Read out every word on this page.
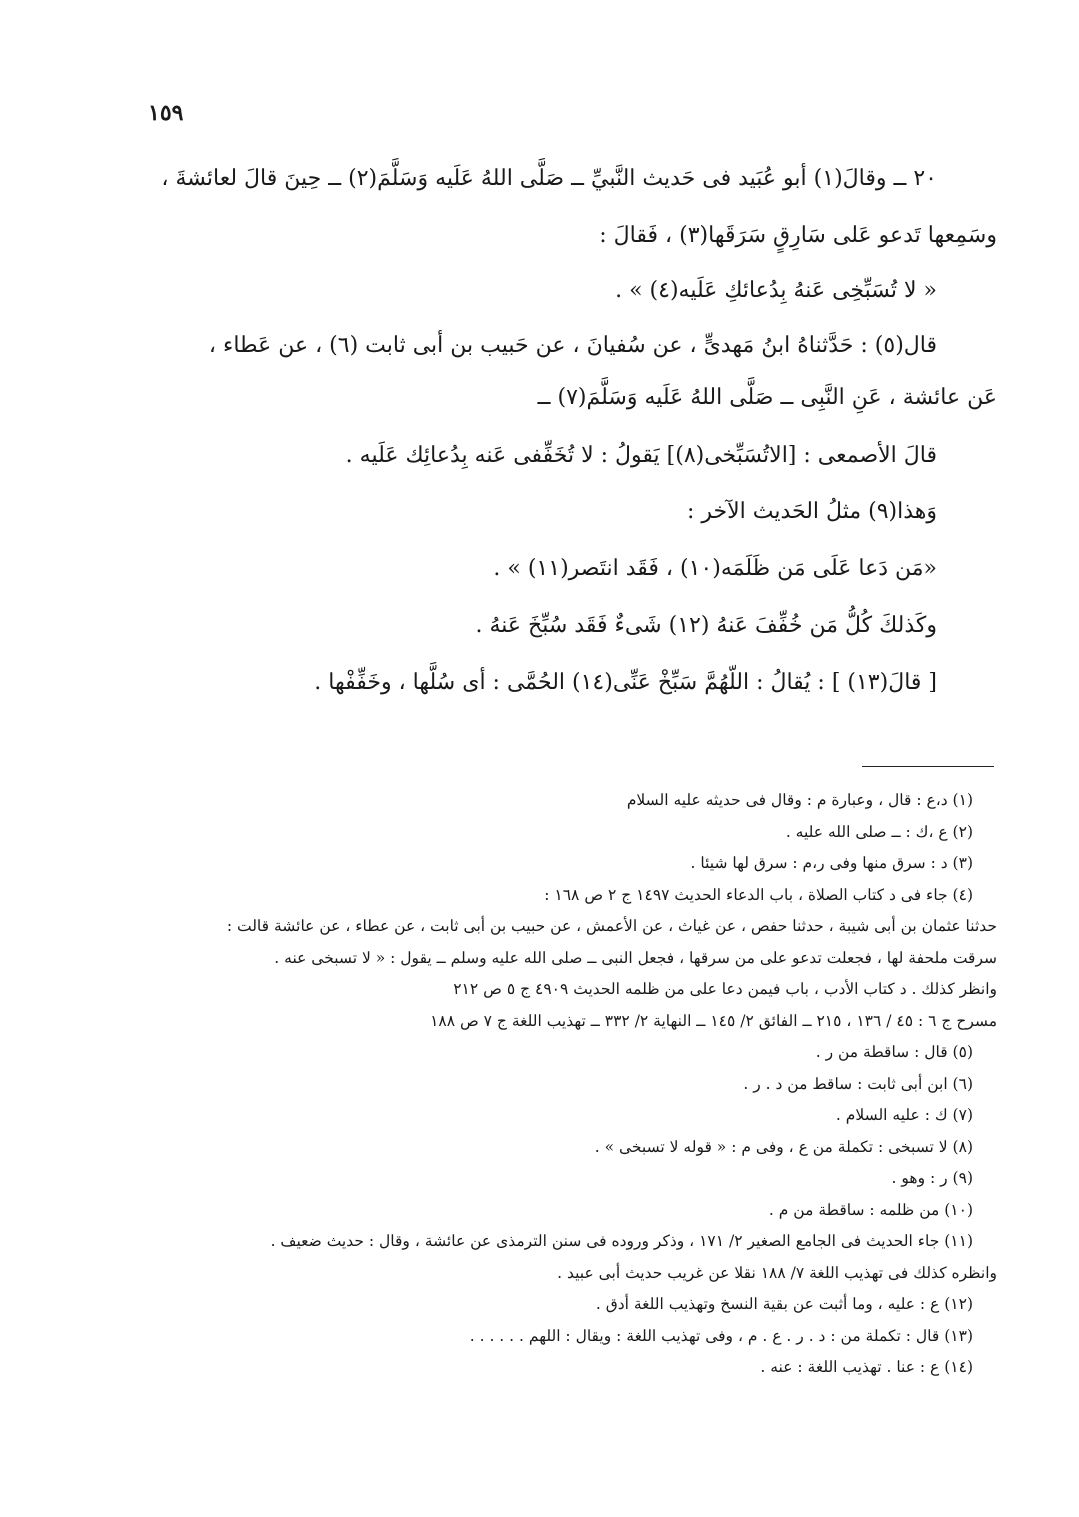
١٥٩
٢٠ ــ وقالَ(١) أبو عُبَيد فى حَديث النَّبيِّ ــ صَلَّى اللهُ عَلَيه وَسَلَّمَ(٢) ــ حِينَ قالَ لعائشةَ ،
وسَمِعها تَدعو عَلى سَارِقٍ سَرَقَها(٣) ، فَقالَ :
« لا تُسَبِّخِى عَنهُ بِدُعائكِ عَلَيه(٤) » .
قال(٥) : حَدَّثناهُ ابنُ مَهدىٍّ ، عن سُفيانَ ، عن حَبيب بن أبى ثابت (٦) ، عن عَطاء ،
عَن عائشة ، عَنِ النَّبِى ــ صَلَّى اللهُ عَلَيه وَسَلَّمَ(٧) ــ
قالَ الأصمعى : [الاتُسَبِّخى(٨)] يَقولُ : لا تُخَفِّفى عَنه بِدُعائِك عَلَيه .
وَهذا(٩) مثلُ الحَديث الآخر :
«مَن دَعا عَلَى مَن ظَلَمَه(١٠) ، فَقَد انتَصر(١١) » .
وكَذلكَ كُلُّ مَن خُفِّفَ عَنهُ (١٢) شَىءٌ فَقَد سُبِّخَ عَنهُ .
[ قالَ(١٣) ] : يُقالُ : اللّهُمَّ سَبِّخْ عَنِّى(١٤) الحُمَّى : أى سُلَّها ، وخَفِّفْها .
(١) د،ع : قال ، وعبارة م : وقال فى حديثه عليه السلام
(٢) ع ،ك : ــ صلى الله عليه .
(٣) د : سرق منها وفى ر،م : سرق لها شيئا .
(٤) جاء فى د كتاب الصلاة ، باب الدعاء الحديث ١٤٩٧ ج ٢ ص ١٦٨ :
حدثنا عثمان بن أبى شيبة ، حدثنا حفص ، عن غياث ، عن الأعمش ، عن حبيب بن أبى ثابت ، عن عطاء ، عن عائشة قالت :
سرقت ملحفة لها ، فجعلت تدعو على من سرقها ، فجعل النبى ــ صلى الله عليه وسلم ــ يقول : « لا تسبخى عنه .
وانظر كذلك . د كتاب الأدب ، باب فيمن دعا على من ظلمه الحديث ٤٩٠٩ ج ٥ ص ٢١٢
مسرح ج ٦ : ٤٥ / ١٣٦ ، ٢١٥ ــ الفائق ٢/ ١٤٥ ــ النهاية ٢/ ٣٣٢ ــ تهذيب اللغة ج ٧ ص ١٨٨
(٥) قال : ساقطة من ر .
(٦) ابن أبى ثابت : ساقط من د . ر .
(٧) ك : عليه السلام .
(٨) لا تسبخى : تكملة من ع ، وفى م : « قوله لا تسبخى » .
(٩) ر : وهو .
(١٠) من ظلمه : ساقطة من م .
(١١) جاء الحديث فى الجامع الصغير ٢/ ١٧١ ، وذكر وروده فى سنن الترمذى عن عائشة ، وقال : حديث ضعيف .
وانظره كذلك فى تهذيب اللغة ٧/ ١٨٨ نقلا عن غريب حديث أبى عبيد .
(١٢) ع : عليه ، وما أثبت عن بقية النسخ وتهذيب اللغة أدق .
(١٣) قال : تكملة من : د . ر . ع . م ، وفى تهذيب اللغة : ويقال : اللهم . . . . . .
(١٤) ع : عنا . تهذيب اللغة : عنه .
